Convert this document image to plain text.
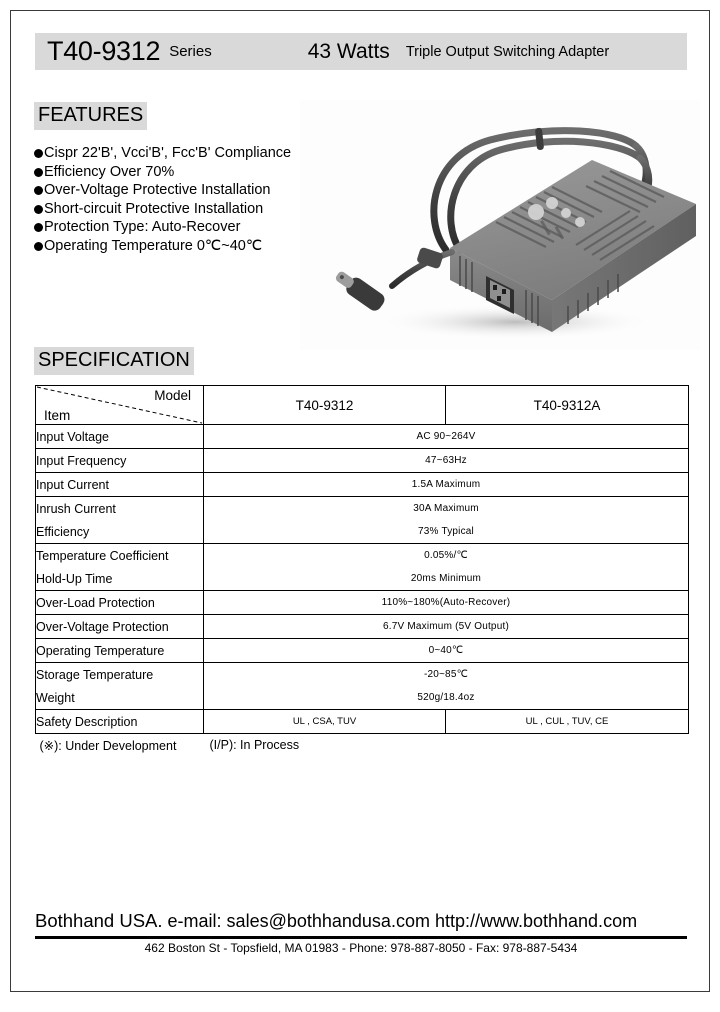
T40-9312 Series	43 Watts Triple Output Switching Adapter
FEATURES
Cispr 22'B', Vcci'B', Fcc'B' Compliance
Efficiency Over 70%
Over-Voltage Protective Installation
Short-circuit Protective Installation
Protection Type: Auto-Recover
Operating Temperature 0℃~40℃
SPECIFICATION
Model
Item	T40-9312	T40-9312A
Input Voltage	AC 90~264V	
Input Frequency	47~63Hz	
Input Current	1.5A Maximum	
Inrush Current	30A Maximum	
Efficiency	73% Typical	
Temperature Coefficient	0.05%/℃	
Hold-Up Time	20ms Minimum	
Over-Load Protection	110%~180%(Auto-Recover)	
Over-Voltage Protection	6.7V Maximum (5V Output)	
Operating Temperature	0~40℃	
Storage Temperature	-20~85℃	
Weight	520g/18.4oz	
Safety Description	UL , CSA, TUV	UL , CUL , TUV, CE
(※): Under Development	(I/P): In Process	
Bothhand USA. e-mail: sales@bothhandusa.com http://www.bothhand.com
462 Boston St - Topsfield, MA 01983 - Phone: 978-887-8050 - Fax: 978-887-5434
